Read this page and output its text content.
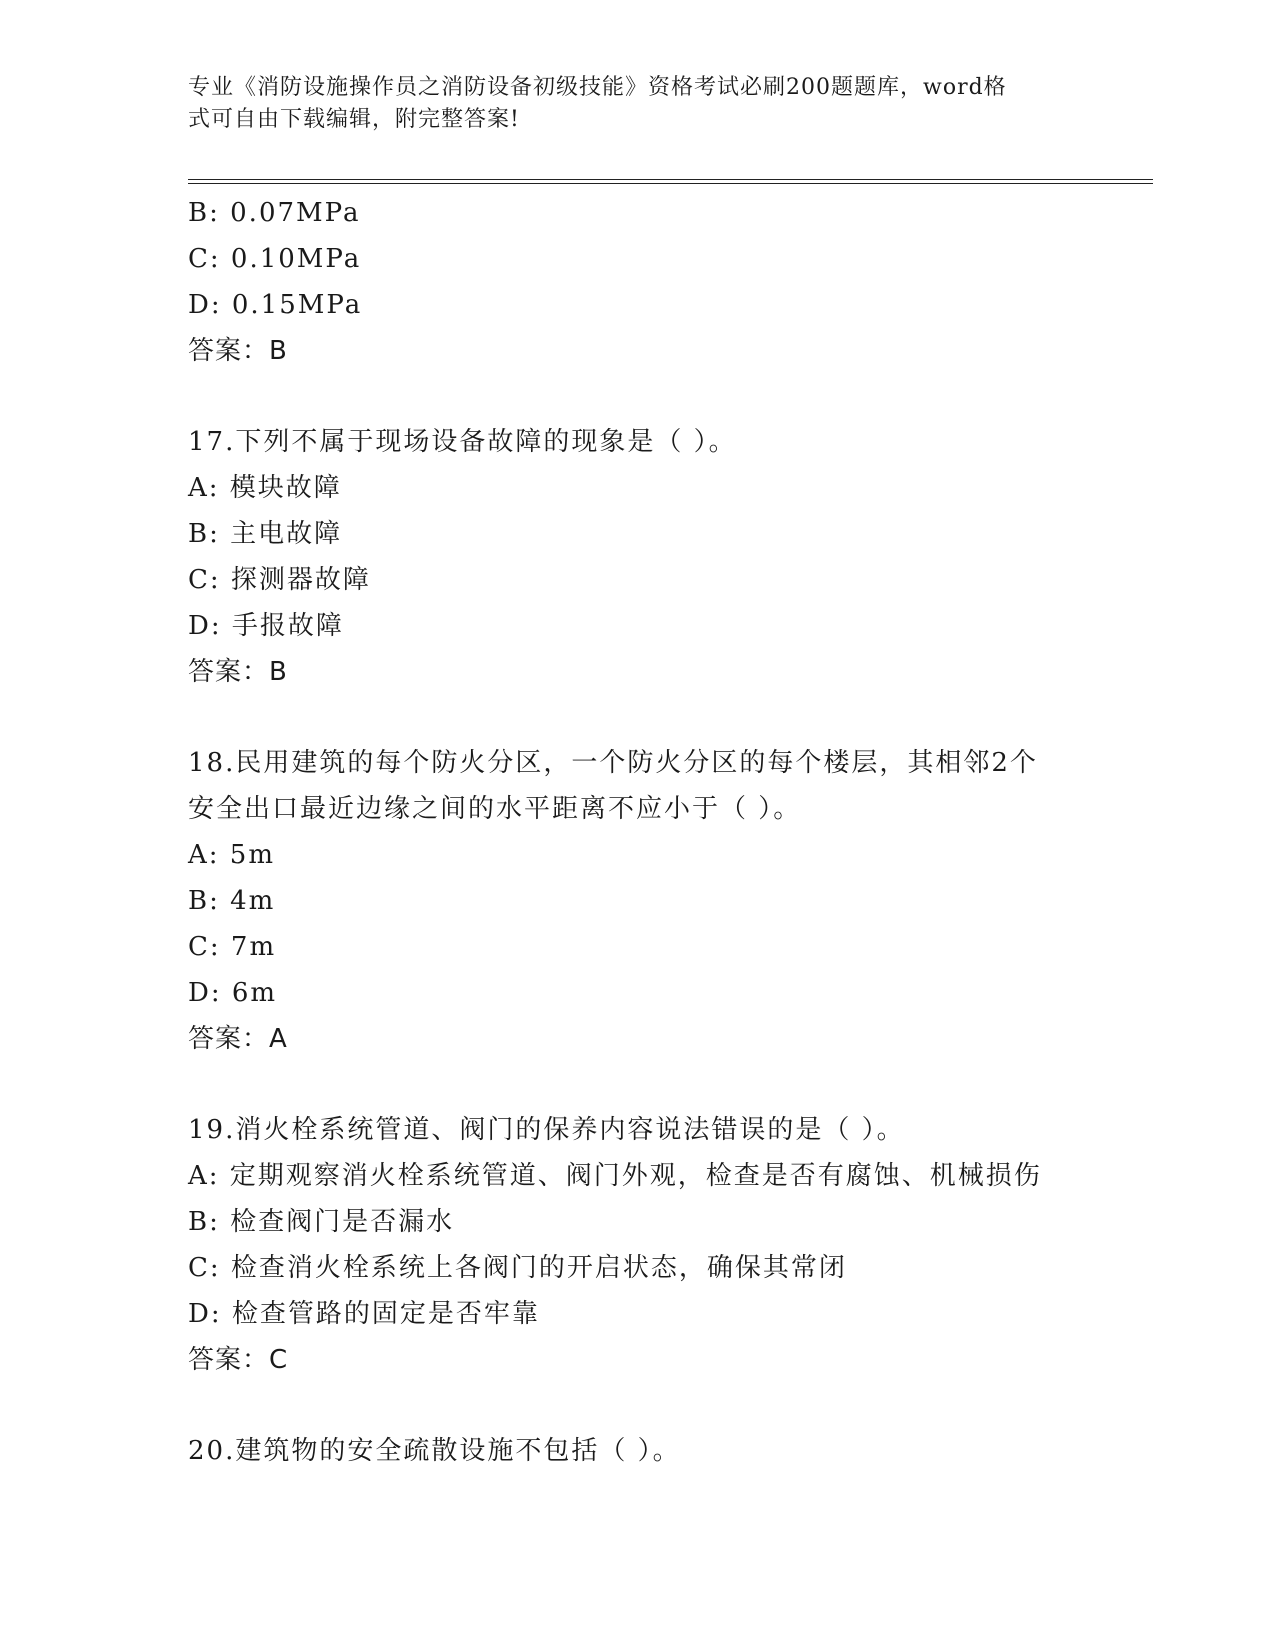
专业《消防设施操作员之消防设备初级技能》资格考试必刷200题题库，word格
式可自由下载编辑，附完整答案!
B: 0.07MPa
C: 0.10MPa
D: 0.15MPa
答案：B
17.下列不属于现场设备故障的现象是（ ）。
A: 模块故障
B: 主电故障
C: 探测器故障
D: 手报故障
答案：B
18.民用建筑的每个防火分区，一个防火分区的每个楼层，其相邻2个
安全出口最近边缘之间的水平距离不应小于（ ）。
A: 5m
B: 4m
C: 7m
D: 6m
答案：A
19.消火栓系统管道、阀门的保养内容说法错误的是（ ）。
A: 定期观察消火栓系统管道、阀门外观，检查是否有腐蚀、机械损伤
B: 检查阀门是否漏水
C: 检查消火栓系统上各阀门的开启状态，确保其常闭
D: 检查管路的固定是否牢靠
答案：C
20.建筑物的安全疏散设施不包括（ ）。
